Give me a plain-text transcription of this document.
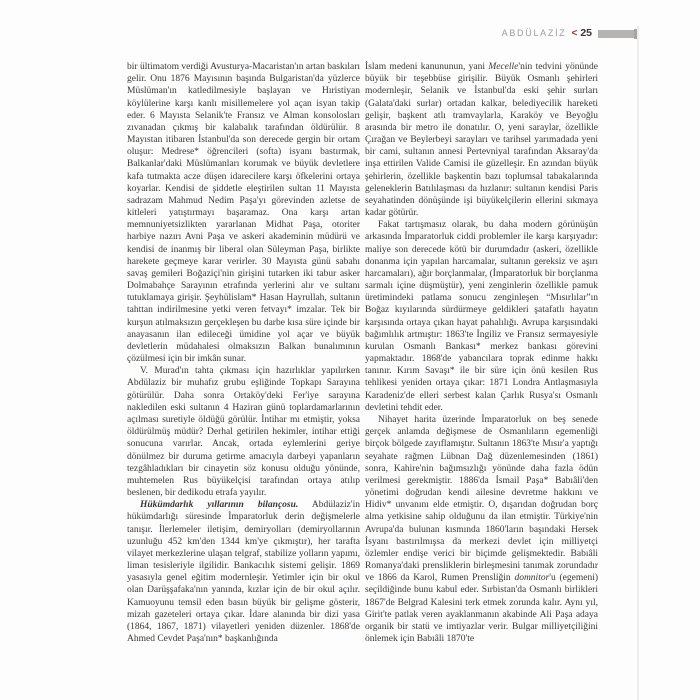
ABDÜLAZİZ < 25

bir ültimatom verdiği Avusturya-Macaristan'ın artan baskıları gelir. Onu 1876 Mayısının başında Bulgaristan'da yüzlerce Müslüman'ın katledilmesiyle başlayan ve Hıristiyan köylülerine karşı kanlı misillemelere yol açan isyan takip eder. 6 Mayısta Selanik'te Fransız ve Alman konsolosları zıvanadan çıkmış bir kalabalık tarafından öldürülür. 8 Mayıstan itibaren İstanbul'da son derecede gergin bir ortam oluşur: Medrese* öğrencileri (softa) isyanı bastırmak, Balkanlar'daki Müslümanları korumak ve büyük devletlere kafa tutmakta acze düşen idarecilere karşı öfkelerini ortaya koyarlar. Kendisi de şiddetle eleştirilen sultan 11 Mayısta sadrazam Mahmud Nedim Paşa'yı görevinden azletse de kitleleri yatıştırmayı başaramaz. Ona karşı artan memnuniyetsizlikten yararlanan Midhat Paşa, otoriter harbiye nazırı Avni Paşa ve askeri akademinin müdürü ve kendisi de inanmış bir liberal olan Süleyman Paşa, birlikte harekete geçmeye karar verirler. 30 Mayısta günü sabahı savaş gemileri Boğaziçi'nin girişini tutarken iki tabur asker Dolmabahçe Sarayının etrafında yerlerini alır ve sultanı tutuklamaya girişir. Şeyhülislam* Hasan Hayrullah, sultanın tahttan indirilmesine yetki veren fetvayı* imzalar. Tek bir kurşun atılmaksızın gerçekleşen bu darbe kısa süre içinde bir anayasanın ilan edileceği ümidine yol açar ve büyük devletlerin müdahalesi olmaksızın Balkan bunalımının çözülmesi için bir imkân sunar.

V. Murad'ın tahta çıkması için hazırlıklar yapılırken Abdülaziz bir muhafız grubu eşliğinde Topkapı Sarayına götürülür. Daha sonra Ortaköy'deki Fer'iye sarayına nakledilen eski sultanın 4 Haziran günü toplardamarlarının açılması suretiyle öldüğü görülür. İntihar mı etmiştir, yoksa öldürülmüş müdür? Derhal getirilen hekimler, intihar ettiği sonucuna varırlar. Ancak, ortada eylemlerini geriye dönülmez bir duruma getirme amacıyla darbeyi yapanların tezgâhladıkları bir cinayetin söz konusu olduğu yönünde, muhtemelen Rus büyükelçisi tarafından ortaya atılıp beslenen, bir dedikodu etrafa yayılır.

Hükümdarlık yıllarının bilançosu. Abdülaziz'in hükümdarlığı süresinde İmparatorluk derin değişmelerle tanışır. İlerlemeler iletişim, demiryolları (demiryollarının uzunluğu 452 km'den 1344 km'ye çıkmıştır), her tarafta vilayet merkezlerine ulaşan telgraf, stabilize yolların yapımı, liman tesisleriyle ilgilidir. Bankacılık sistemi gelişir. 1869 yasasıyla genel eğitim modernleşir. Yetimler için bir okul olan Darüşşafaka'nın yanında, kızlar için de bir okul açılır. Kamuoyunu temsil eden basın büyük bir gelişme gösterir, mizah gazeteleri ortaya çıkar. İdare alanında bir dizi yasa (1864, 1867, 1871) vilayetleri yeniden düzenler. 1868'de Ahmed Cevdet Paşa'nın* başkanlığında

İslam medeni kanununun, yani Mecelle'nin tedvini yönünde büyük bir teşebbüse girişilir. Büyük Osmanlı şehirleri modernleşir, Selanik ve İstanbul'da eski şehir surları (Galata'daki surlar) ortadan kalkar, belediyecilik hareketi gelişir, başkent atlı tramvaylarla, Karaköy ve Beyoğlu arasında bir metro ile donatılır. O, yeni saraylar, özellikle Çırağan ve Beylerbeyi sarayları ve tarihsel yarımadada yeni bir cami, sultanın annesi Pertevniyal tarafından Aksaray'da inşa ettirilen Valide Camisi ile güzelleşir. En azından büyük şehirlerin, özellikle başkentin bazı toplumsal tabakalarında geleneklerin Batılılaşması da hızlanır: sultanın kendisi Paris seyahatinden dönüşünde işi büyükelçilerin ellerini sıkmaya kadar götürür.

Fakat tartışmasız olarak, bu daha modern görünüşün arkasında İmparatorluk ciddi problemler ile karşı karşıyadır: maliye son derecede kötü bir durumdadır (askeri, özellikle donanma için yapılan harcamalar, sultanın gereksiz ve aşırı harcamaları), ağır borçlanmalar, (İmparatorluk bir borçlanma sarmalı içine düşmüştür), yeni zenginlerin özellikle pamuk üretimindeki patlama sonucu zenginleşen “Mısırlılar”ın Boğaz kıyılarında sürdürmeye geldikleri şatafatlı hayatın karşısında ortaya çıkan hayat pahalılığı. Avrupa karşısındaki bağımlılık artmıştır: 1863'te İngiliz ve Fransız sermayesiyle kurulan Osmanlı Bankası* merkez bankası görevini yapmaktadır. 1868'de yabancılara toprak edinme hakkı tanınır. Kırım Savaşı* ile bir süre için önü kesilen Rus tehlikesi yeniden ortaya çıkar: 1871 Londra Antlaşmasıyla Karadeniz'de elleri serbest kalan Çarlık Rusya'sı Osmanlı devletini tehdit eder.

Nihayet harita üzerinde İmparatorluk on beş senede gerçek anlamda değişmese de Osmanlıların egemenliği birçok bölgede zayıflamıştır. Sultanın 1863'te Mısır'a yaptığı seyahate rağmen Lübnan Dağ düzenlemesinden (1861) sonra, Kahire'nin bağımsızlığı yönünde daha fazla ödün verilmesi gerekmiştir. 1886'da İsmail Paşa* Babıâli'den yönetimi doğrudan kendi ailesine devretme hakkını ve Hidiv* unvanını elde etmiştir. O, dışarıdan doğrudan borç alma yetkisine sahip olduğunu da ilan etmiştir. Türkiye'nin Avrupa'da bulunan kısmında 1860'ların başındaki Hersek İsyanı bastırılmışsa da merkezi devlet için milliyetçi özlemler endişe verici bir biçimde gelişmektedir. Babıâli Romanya'daki prensliklerin birleşmesini tanımak zorundadır ve 1866 da Karol, Rumen Prensliğin domnitor'u (egemeni) seçildiğinde bunu kabul eder. Sırbistan'da Osmanlı birlikleri 1867'de Belgrad Kalesini terk etmek zorunda kalır. Aynı yıl, Girit'te patlak veren ayaklanmanın akabinde Ali Paşa adaya organik bir statü ve imtiyazlar verir. Bulgar milliyetçiliğini önlemek için Babıâli 1870'te
